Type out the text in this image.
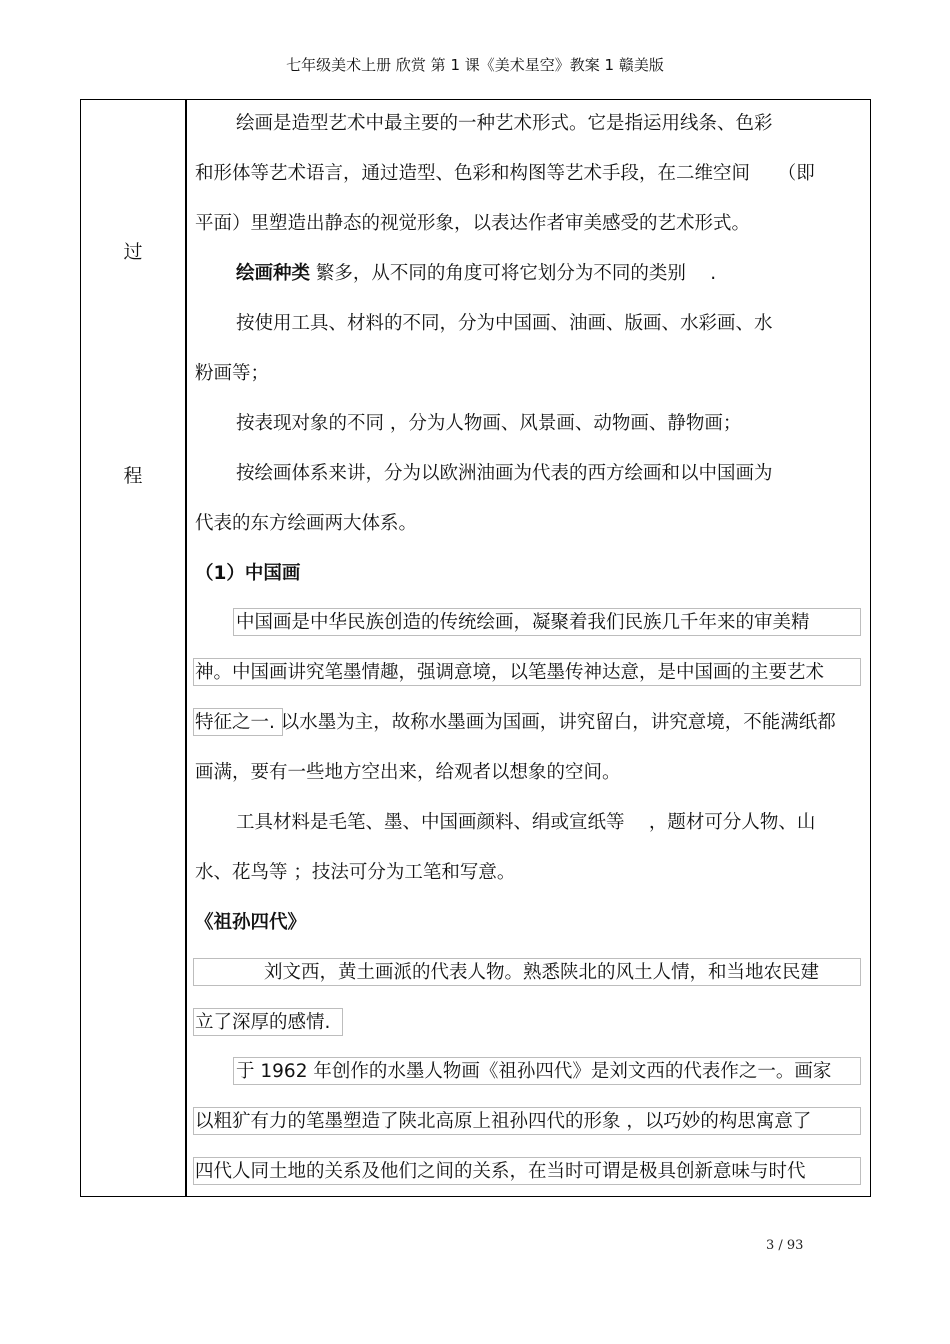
七年级美术上册 欣赏 第 1 课《美术星空》教案 1 赣美版
过
程
绘画是造型艺术中最主要的一种艺术形式。它是指运用线条、色彩
和形体等艺术语言，通过造型、色彩和构图等艺术手段，在二维空间　　（即
平面）里塑造出静态的视觉形象，以表达作者审美感受的艺术形式。
绘画种类 繁多，从不同的角度可将它划分为不同的类别　 .
按使用工具、材料的不同，分为中国画、油画、版画、水彩画、水
粉画等；
按表现对象的不同 ，分为人物画、风景画、动物画、静物画；
按绘画体系来讲，分为以欧洲油画为代表的西方绘画和以中国画为
代表的东方绘画两大体系。
（1）中国画
中国画是中华民族创造的传统绘画，凝聚着我们民族几千年来的审美精
神。中国画讲究笔墨情趣，强调意境，以笔墨传神达意，是中国画的主要艺术
特征之一. 以水墨为主，故称水墨画为国画，讲究留白，讲究意境，不能满纸都
画满，要有一些地方空出来，给观者以想象的空间。
工具材料是毛笔、墨、中国画颜料、绢或宣纸等　 ，题材可分人物、山
水、花鸟等 ；技法可分为工笔和写意。
《祖孙四代》
刘文西，黄土画派的代表人物。熟悉陕北的风土人情，和当地农民建
立了深厚的感情.
于 1962 年创作的水墨人物画《祖孙四代》是刘文西的代表作之一。画家
以粗犷有力的笔墨塑造了陕北高原上祖孙四代的形象 ，以巧妙的构思寓意了
四代人同土地的关系及他们之间的关系，在当时可谓是极具创新意味与时代
3 / 93
